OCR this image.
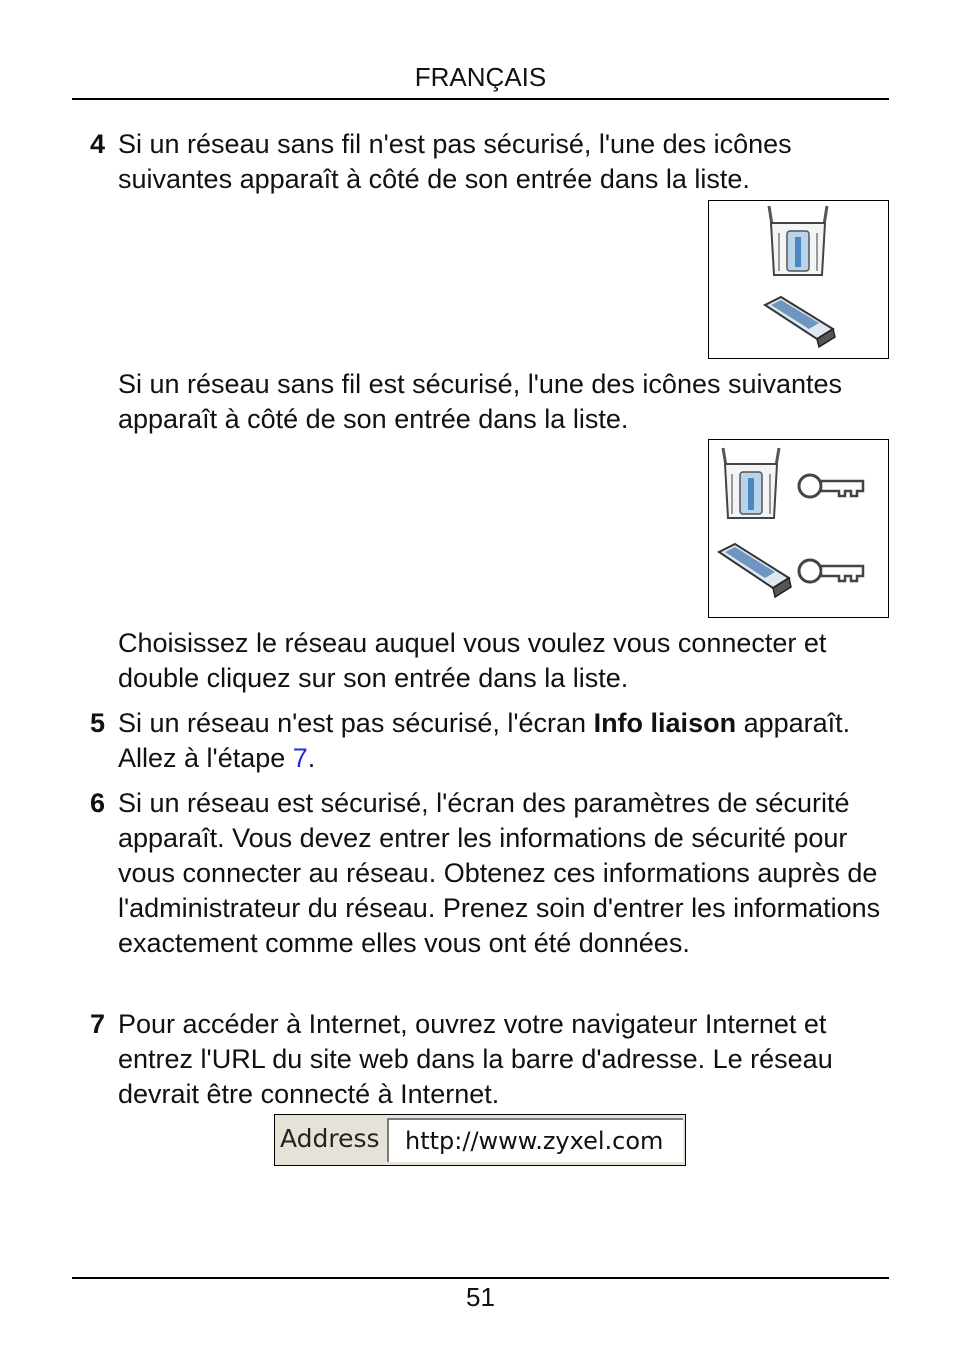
FRANÇAIS
4 Si un réseau sans fil n'est pas sécurisé, l'une des icônes suivantes apparaît à côté de son entrée dans la liste.
Si un réseau sans fil est sécurisé, l'une des icônes suivantes apparaît à côté de son entrée dans la liste.
Choisissez le réseau auquel vous voulez vous connecter et double cliquez sur son entrée dans la liste.
5 Si un réseau n'est pas sécurisé, l'écran Info liaison apparaît. Allez à l'étape 7.
6 Si un réseau est sécurisé, l'écran des paramètres de sécurité apparaît. Vous devez entrer les informations de sécurité pour vous connecter au réseau. Obtenez ces informations auprès de l'administrateur du réseau. Prenez soin d'entrer les informations exactement comme elles vous ont été données.
7 Pour accéder à Internet, ouvrez votre navigateur Internet et entrez l'URL du site web dans la barre d'adresse. Le réseau devrait être connecté à Internet.
Address http://www.zyxel.com
51
